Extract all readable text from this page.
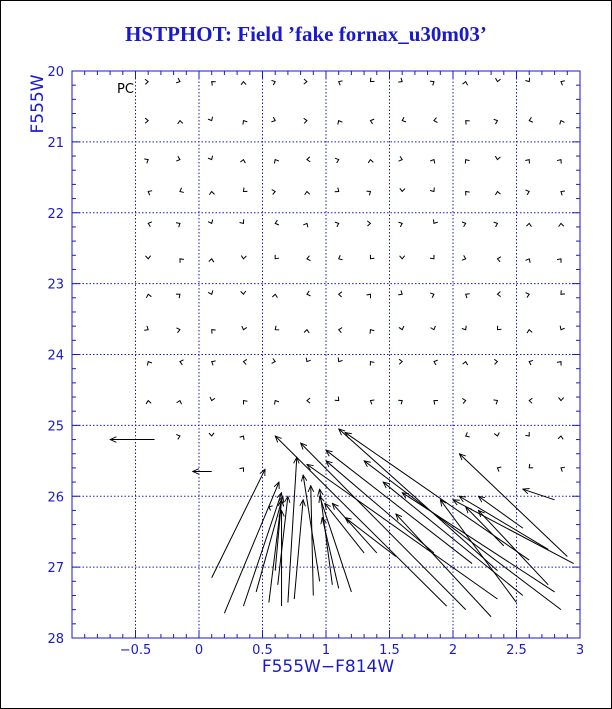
HSTPHOT: Field ’fake fornax_u30m03’
−0.5	0	0.5	1	1.5	2	2.5	3
20
21
22
23
24
25
26
27
28
PC
F555W−F814W
F555W
